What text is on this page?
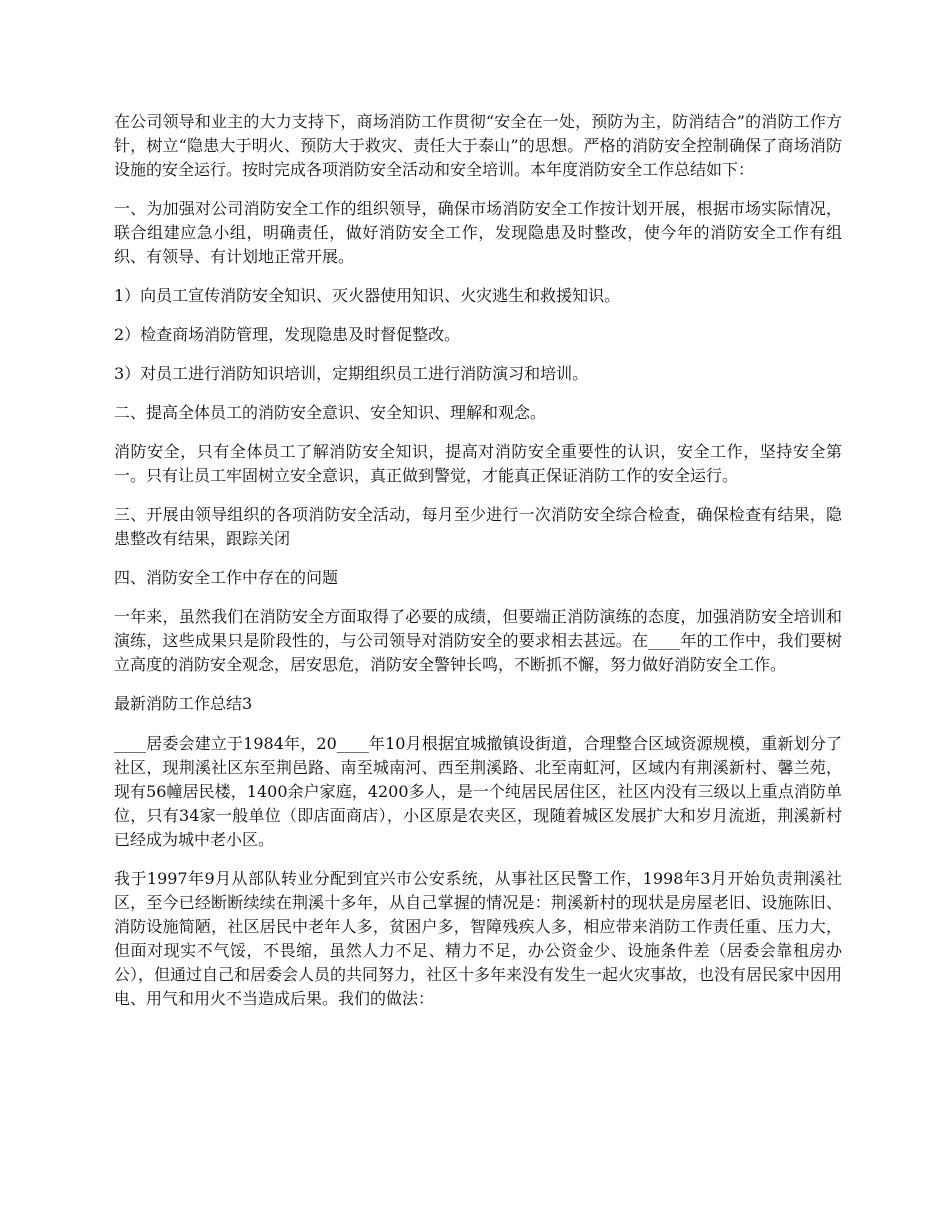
在公司领导和业主的大力支持下，商场消防工作贯彻“安全在一处，预防为主，防消结合”的消防工作方针，树立“隐患大于明火、预防大于救灾、责任大于泰山”的思想。严格的消防安全控制确保了商场消防设施的安全运行。按时完成各项消防安全活动和安全培训。本年度消防安全工作总结如下：

一、为加强对公司消防安全工作的组织领导，确保市场消防安全工作按计划开展，根据市场实际情况，联合组建应急小组，明确责任，做好消防安全工作，发现隐患及时整改，使今年的消防安全工作有组织、有领导、有计划地正常开展。

1）向员工宣传消防安全知识、灭火器使用知识、火灾逃生和救援知识。

2）检查商场消防管理，发现隐患及时督促整改。

3）对员工进行消防知识培训，定期组织员工进行消防演习和培训。

二、提高全体员工的消防安全意识、安全知识、理解和观念。

消防安全，只有全体员工了解消防安全知识，提高对消防安全重要性的认识，安全工作，坚持安全第一。只有让员工牢固树立安全意识，真正做到警觉，才能真正保证消防工作的安全运行。

三、开展由领导组织的各项消防安全活动，每月至少进行一次消防安全综合检查，确保检查有结果，隐患整改有结果，跟踪关闭

四、消防安全工作中存在的问题

一年来，虽然我们在消防安全方面取得了必要的成绩，但要端正消防演练的态度，加强消防安全培训和演练，这些成果只是阶段性的，与公司领导对消防安全的要求相去甚远。在____年的工作中，我们要树立高度的消防安全观念，居安思危，消防安全警钟长鸣，不断抓不懈，努力做好消防安全工作。

最新消防工作总结3

____居委会建立于1984年，20____年10月根据宜城撤镇设街道，合理整合区域资源规模，重新划分了社区，现荆溪社区东至荆邑路、南至城南河、西至荆溪路、北至南虹河，区域内有荆溪新村、馨兰苑，现有56幢居民楼，1400余户家庭，4200多人，是一个纯居民居住区，社区内没有三级以上重点消防单位，只有34家一般单位（即店面商店），小区原是农夹区，现随着城区发展扩大和岁月流逝，荆溪新村已经成为城中老小区。

我于1997年9月从部队转业分配到宜兴市公安系统，从事社区民警工作，1998年3月开始负责荆溪社区，至今已经断断续续在荆溪十多年，从自己掌握的情况是：荆溪新村的现状是房屋老旧、设施陈旧、消防设施简陋，社区居民中老年人多，贫困户多，智障残疾人多，相应带来消防工作责任重、压力大，但面对现实不气馁，不畏缩，虽然人力不足、精力不足，办公资金少、设施条件差（居委会靠租房办公），但通过自己和居委会人员的共同努力，社区十多年来没有发生一起火灾事故，也没有居民家中因用电、用气和用火不当造成后果。我们的做法：
